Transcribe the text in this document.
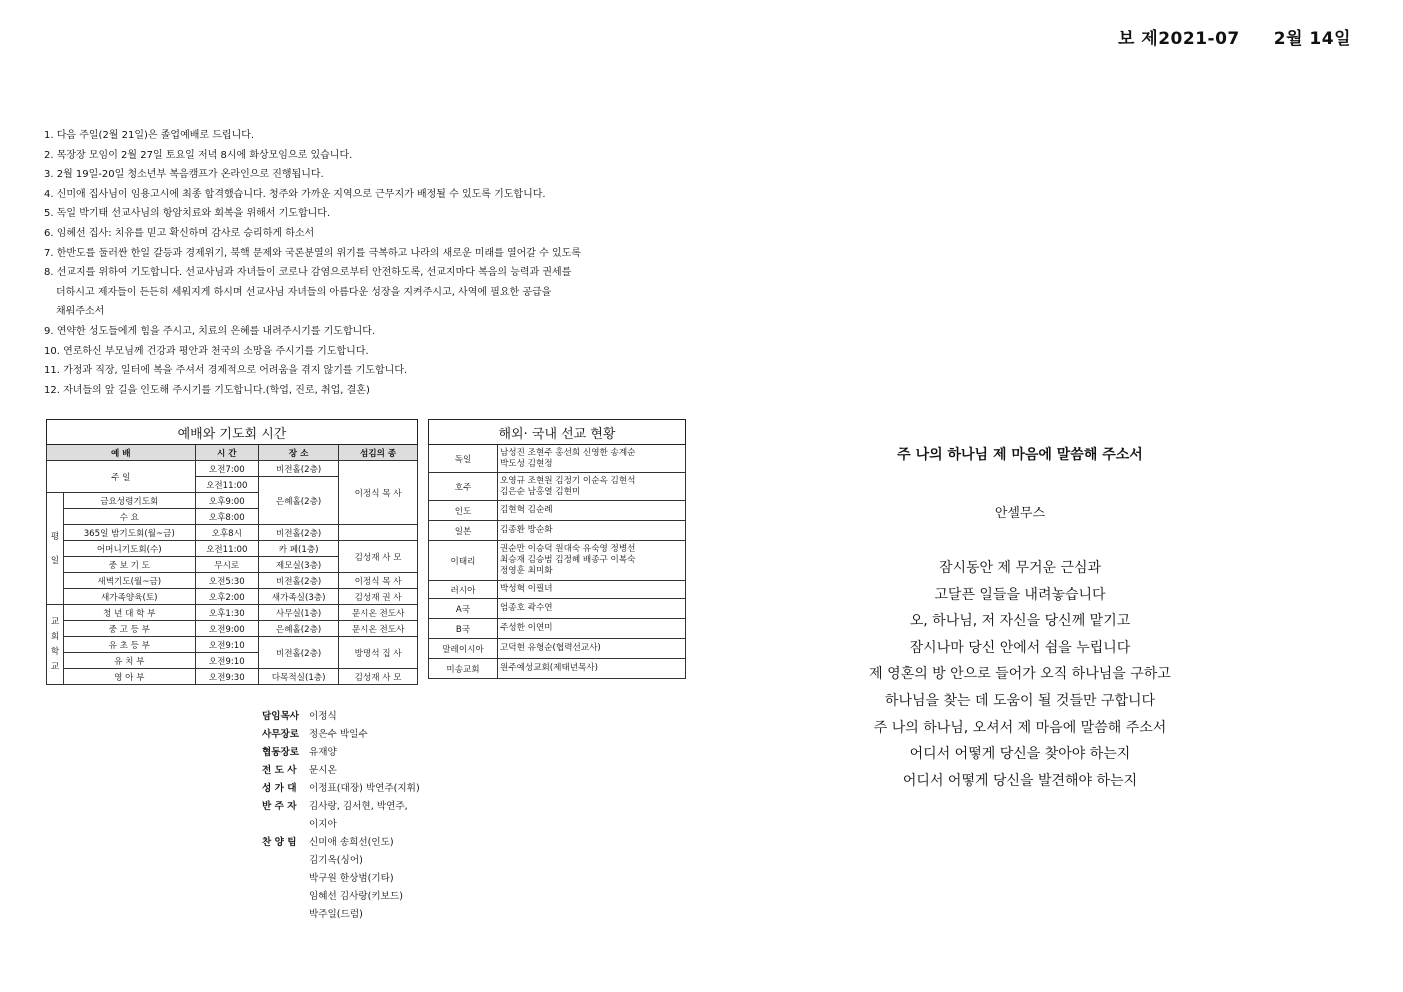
보 제2021-07 2월 14일
1. 다음 주일(2월 21일)은 졸업예배로 드립니다.
2. 목장장 모임이 2월 27일 토요일 저녁 8시에 화상모임으로 있습니다.
3. 2월 19일-20일 청소년부 복음캠프가 온라인으로 진행됩니다.
4. 신미애 집사님이 임용고시에 최종 합격했습니다. 청주와 가까운 지역으로 근무지가 배정될 수 있도록 기도합니다.
5. 독일 박기태 선교사님의 항암치료와 회복을 위해서 기도합니다.
6. 임혜선 집사: 치유를 믿고 확신하며 감사로 승리하게 하소서
7. 한반도를 둘러싼 한일 갈등과 경제위기, 북핵 문제와 국론분열의 위기를 극복하고 나라의 새로운 미래를 열어갈 수 있도록
8. 선교지를 위하여 기도합니다. 선교사님과 자녀들이 코로나 감염으로부터 안전하도록, 선교지마다 복음의 능력과 권세를
더하시고 제자들이 든든히 세워지게 하시며 선교사님 자녀들의 아름다운 성장을 지켜주시고, 사역에 필요한 공급을
채워주소서
9. 연약한 성도들에게 힘을 주시고, 치료의 은혜를 내려주시기를 기도합니다.
10. 연로하신 부모님께 건강과 평안과 천국의 소망을 주시기를 기도합니다.
11. 가정과 직장, 일터에 복을 주셔서 경제적으로 어려움을 겪지 않기를 기도합니다.
12. 자녀들의 앞 길을 인도해 주시기를 기도합니다.(학업, 진로, 취업, 결혼)
예배와 기도회 시간				
예 배		시 간	장 소	섬김의 종
주 일		오전7:00	비전홀(2층)	이정식 목 사
		오전11:00	은혜홀(2층)	
평 일	금요성령기도회	오후9:00		
	수 요	오후8:00		
	365일 밤기도회(월~금)	오후8시	비전홀(2층)	
	어머니기도회(수)	오전11:00	카 페(1층)	김성재 사 모
	중 보 기 도	무시로	제모실(3층)	
	새벽기도(월~금)	오전5:30	비전홀(2층)	이정식 목 사
	새가족양육(토)	오후2:00	새가족실(3층)	김성재 권 사
교회학교	청 년 대 학 부	오후1:30	사무실(1층)	문시온 전도사
	중 고 등 부	오전9:00	은혜홀(2층)	문시온 전도사
	유 초 등 부	오전9:10	비전홀(2층)	방명석 집 사
	유 치 부	오전9:10		
	영 아 부	오전9:30	다목적실(1층)	김성재 사 모
해외· 국내 선교 현황	
독일	남성진 조현주 홍선희 신영한 송계순
박도성 김현정

호주	오영규 조현원 김정기 이순옥 김현석
김은순 남홍열 김현미

인도	김현혁 김순례
일본	김종환 방순화
이태리	권순만 이승덕 원대숙 유숙영 정병선
최승재 김승범 김정혜 배종구 이복숙
정영훈 최미화

러시아	박성혁 이필녀
A국	엄종호 곽수연
B국	주성한 이연미
말레이시아	고덕현 유형순(협력선교사)
미송교회	원주예성교회(제태년목사)
담임목사	이정식
사무장로	정은수 박일수
협동장로	유재양
전 도 사	문시온
성 가 대	이정표(대장) 박연주(지휘)
반 주 자	김사랑, 김서현, 박연주,
이지아
찬 양 팀	신미애 송희선(인도)
김기옥(싱어)
박구원 한상범(기타)
임혜선 김사랑(키보드)
박주일(드럼)
주 나의 하나님 제 마음에 말씀해 주소서
안셀무스
잠시동안 제 무거운 근심과
고달픈 일들을 내려놓습니다
오, 하나님, 저 자신을 당신께 맡기고
잠시나마 당신 안에서 쉼을 누립니다
제 영혼의 방 안으로 들어가 오직 하나님을 구하고
하나님을 찾는 데 도움이 될 것들만 구합니다
주 나의 하나님, 오셔서 제 마음에 말씀해 주소서
어디서 어떻게 당신을 찾아야 하는지
어디서 어떻게 당신을 발견해야 하는지
